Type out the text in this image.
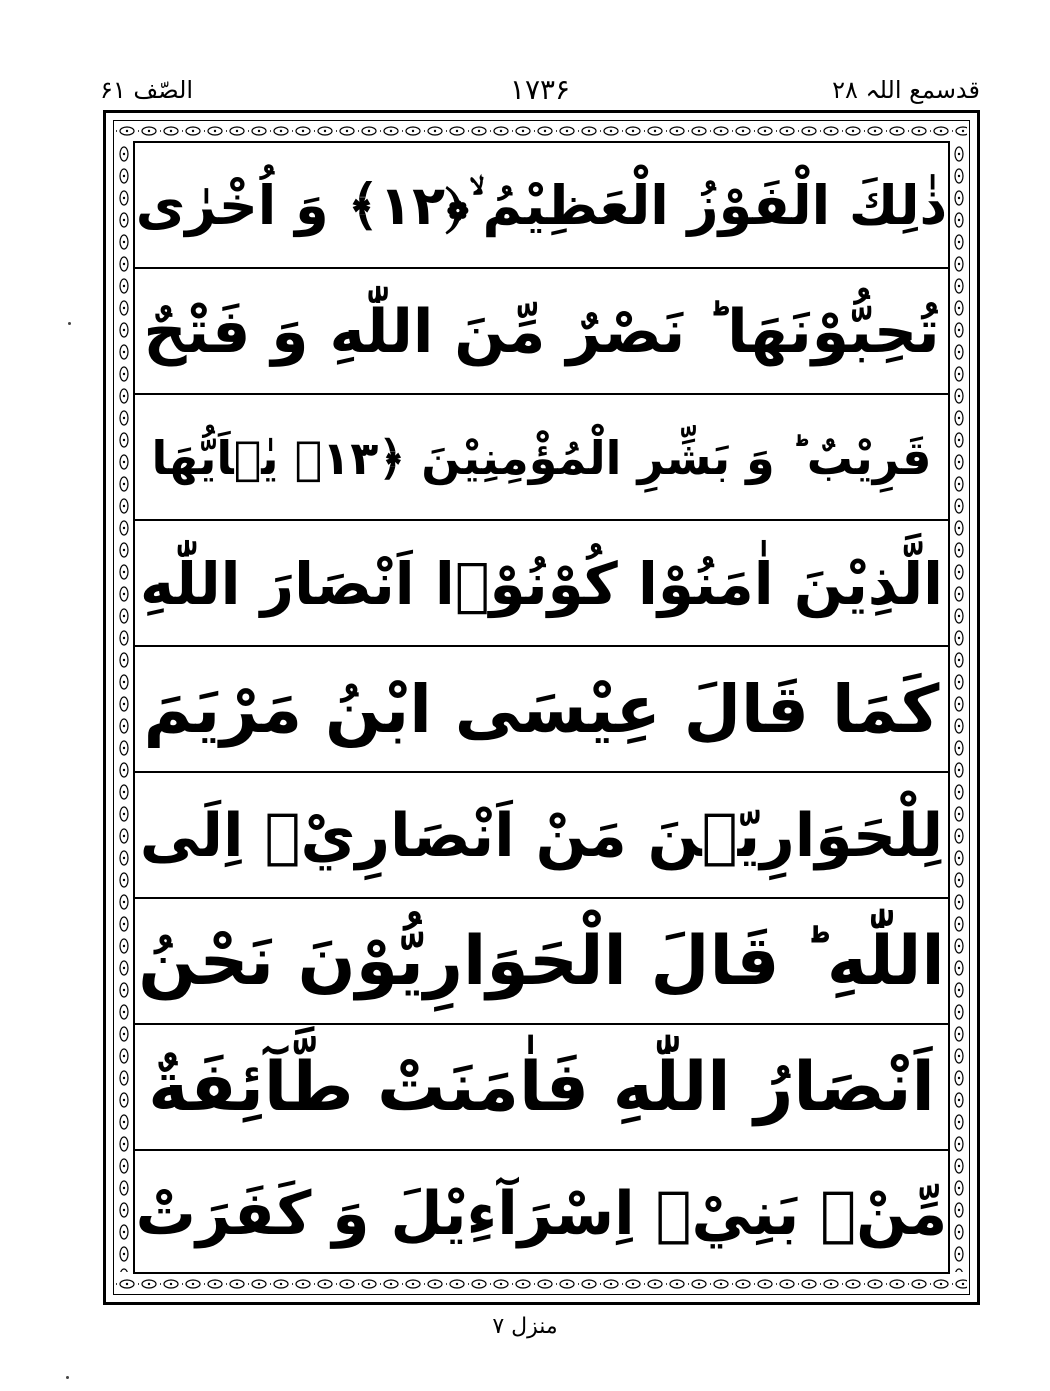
قدسمع اللہ ۲۸
۱۷۳۶
الصّف ۶۱
ذٰلِكَ الْفَوْزُ الْعَظِيْمُ ۙ﴿۱۲﴾ وَ اُخْرٰى
تُحِبُّوْنَهَا ؕ نَصْرٌ مِّنَ اللّٰهِ وَ فَتْحٌ
قَرِيْبٌ ؕ وَ بَشِّرِ الْمُؤْمِنِيْنَ ﴿۱۳﴾ يٰۤاَيُّهَا
الَّذِيْنَ اٰمَنُوْا كُوْنُوْۤا اَنْصَارَ اللّٰهِ
كَمَا قَالَ عِيْسَى ابْنُ مَرْيَمَ
لِلْحَوَارِيّٖنَ مَنْ اَنْصَارِيْۤ اِلَى
اللّٰهِ ؕ قَالَ الْحَوَارِيُّوْنَ نَحْنُ
اَنْصَارُ اللّٰهِ فَاٰمَنَتْ طَّآئِفَةٌ
مِّنْۢ بَنِيْۤ اِسْرَآءِيْلَ وَ كَفَرَتْ
منزل ۷
